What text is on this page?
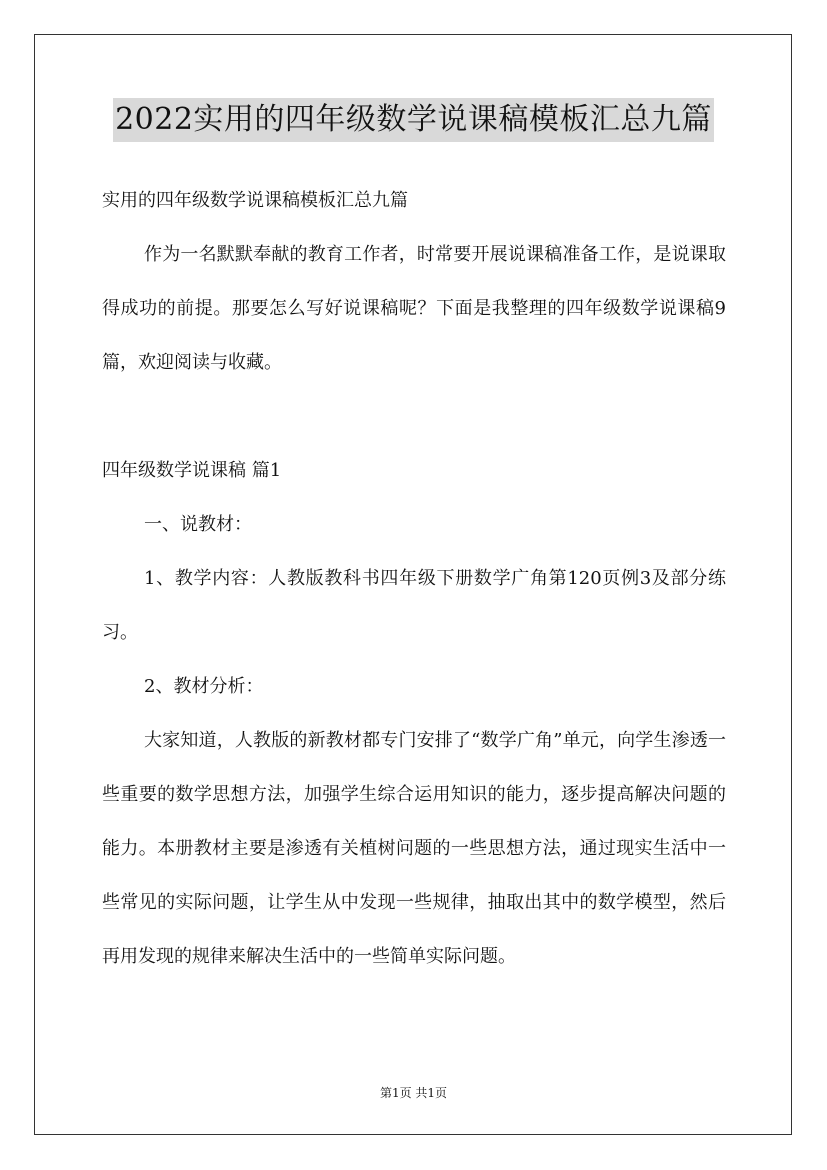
2022实用的四年级数学说课稿模板汇总九篇

实用的四年级数学说课稿模板汇总九篇

作为一名默默奉献的教育工作者，时常要开展说课稿准备工作，是说课取得成功的前提。那要怎么写好说课稿呢？下面是我整理的四年级数学说课稿9篇，欢迎阅读与收藏。

四年级数学说课稿 篇1

一、说教材：

1、教学内容：人教版教科书四年级下册数学广角第120页例3及部分练习。

2、教材分析：

大家知道，人教版的新教材都专门安排了“数学广角”单元，向学生渗透一些重要的数学思想方法，加强学生综合运用知识的能力，逐步提高解决问题的能力。本册教材主要是渗透有关植树问题的一些思想方法，通过现实生活中一些常见的实际问题，让学生从中发现一些规律，抽取出其中的数学模型，然后再用发现的规律来解决生活中的一些简单实际问题。

第1页 共1页
